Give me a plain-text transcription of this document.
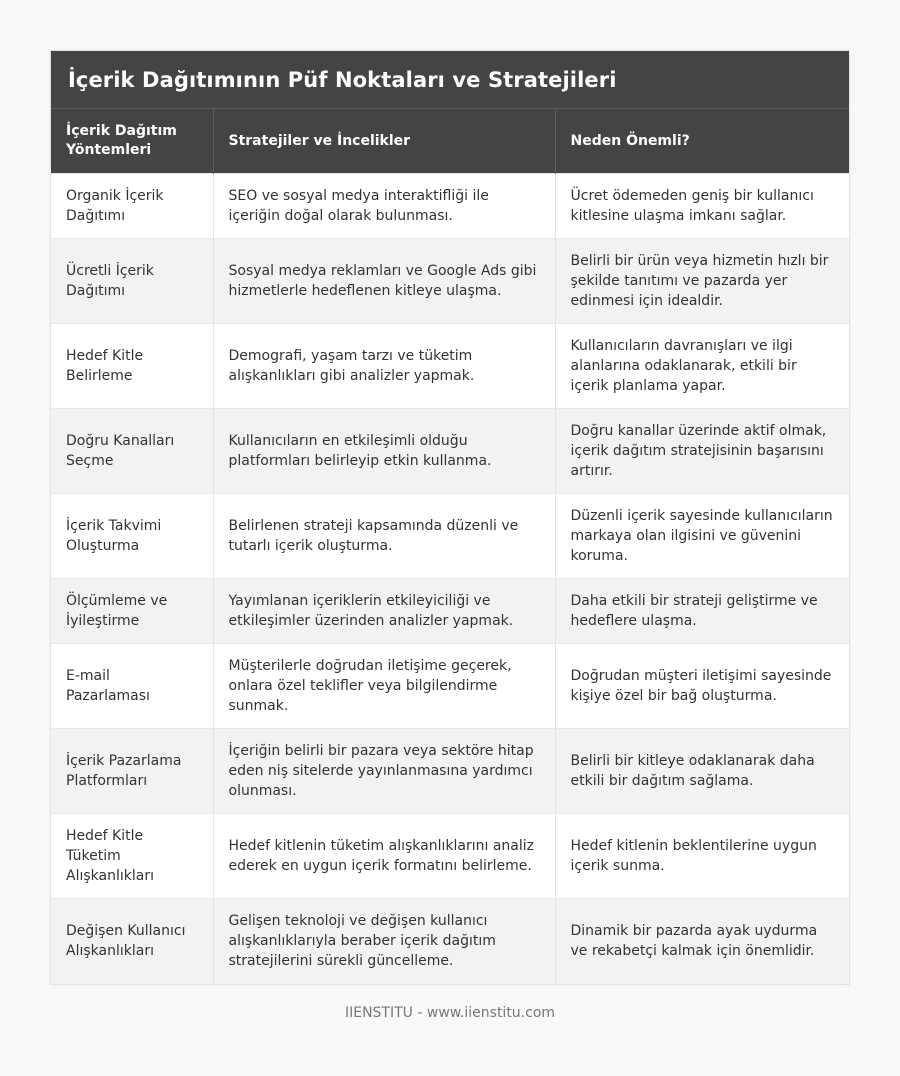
İçerik Dağıtımının Püf Noktaları ve Stratejileri
İçerik Dağıtım Yöntemleri	Stratejiler ve İncelikler	Neden Önemli?
Organik İçerik Dağıtımı	SEO ve sosyal medya interaktifliği ile içeriğin doğal olarak bulunması.	Ücret ödemeden geniş bir kullanıcı kitlesine ulaşma imkanı sağlar.
Ücretli İçerik Dağıtımı	Sosyal medya reklamları ve Google Ads gibi hizmetlerle hedeflenen kitleye ulaşma.	Belirli bir ürün veya hizmetin hızlı bir şekilde tanıtımı ve pazarda yer edinmesi için idealdir.
Hedef Kitle Belirleme	Demografi, yaşam tarzı ve tüketim alışkanlıkları gibi analizler yapmak.	Kullanıcıların davranışları ve ilgi alanlarına odaklanarak, etkili bir içerik planlama yapar.
Doğru Kanalları Seçme	Kullanıcıların en etkileşimli olduğu platformları belirleyip etkin kullanma.	Doğru kanallar üzerinde aktif olmak, içerik dağıtım stratejisinin başarısını artırır.
İçerik Takvimi Oluşturma	Belirlenen strateji kapsamında düzenli ve tutarlı içerik oluşturma.	Düzenli içerik sayesinde kullanıcıların markaya olan ilgisini ve güvenini koruma.
Ölçümleme ve İyileştirme	Yayımlanan içeriklerin etkileyiciliği ve etkileşimler üzerinden analizler yapmak.	Daha etkili bir strateji geliştirme ve hedeflere ulaşma.
E-mail Pazarlaması	Müşterilerle doğrudan iletişime geçerek, onlara özel teklifler veya bilgilendirme sunmak.	Doğrudan müşteri iletişimi sayesinde kişiye özel bir bağ oluşturma.
İçerik Pazarlama Platformları	İçeriğin belirli bir pazara veya sektöre hitap eden niş sitelerde yayınlanmasına yardımcı olunması.	Belirli bir kitleye odaklanarak daha etkili bir dağıtım sağlama.
Hedef Kitle Tüketim Alışkanlıkları	Hedef kitlenin tüketim alışkanlıklarını analiz ederek en uygun içerik formatını belirleme.	Hedef kitlenin beklentilerine uygun içerik sunma.
Değişen Kullanıcı Alışkanlıkları	Gelişen teknoloji ve değişen kullanıcı alışkanlıklarıyla beraber içerik dağıtım stratejilerini sürekli güncelleme.	Dinamik bir pazarda ayak uydurma ve rekabetçi kalmak için önemlidir.
IIENSTITU - www.iienstitu.com
